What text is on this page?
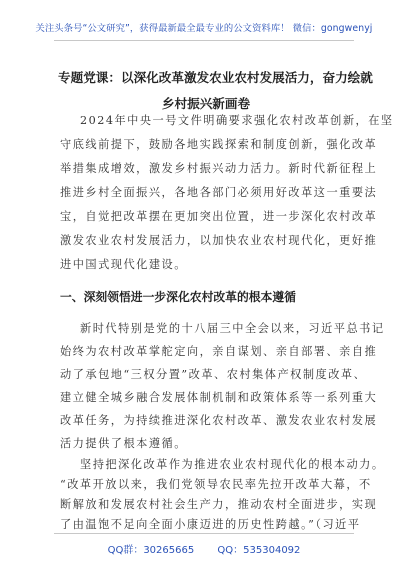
关注头条号“公文研究”，获得最新最全最专业的公文资料库！ 微信：gongwenyj
专题党课：以深化改革激发农业农村发展活力，奋力绘就
乡村振兴新画卷
2024年中央一号文件明确要求强化农村改革创新，在坚
守底线前提下，鼓励各地实践探索和制度创新，强化改革
举措集成增效，激发乡村振兴动力活力。新时代新征程上
推进乡村全面振兴，各地各部门必须用好改革这一重要法
宝，自觉把改革摆在更加突出位置，进一步深化农村改革
激发农业农村发展活力，以加快农业农村现代化，更好推
进中国式现代化建设。
一、深刻领悟进一步深化农村改革的根本遵循
新时代特别是党的十八届三中全会以来，习近平总书记
始终为农村改革掌舵定向，亲自谋划、亲自部署、亲自推
动了承包地“三权分置”改革、农村集体产权制度改革、
建立健全城乡融合发展体制机制和政策体系等一系列重大
改革任务，为持续推进深化农村改革、激发农业农村发展
活力提供了根本遵循。
坚持把深化改革作为推进农业农村现代化的根本动力。
“改革开放以来，我们党领导农民率先拉开改革大幕，不
断解放和发展农村社会生产力，推动农村全面进步，实现
了由温饱不足向全面小康迈进的历史性跨越。”（习近平
QQ群：30265665 QQ：535304092
